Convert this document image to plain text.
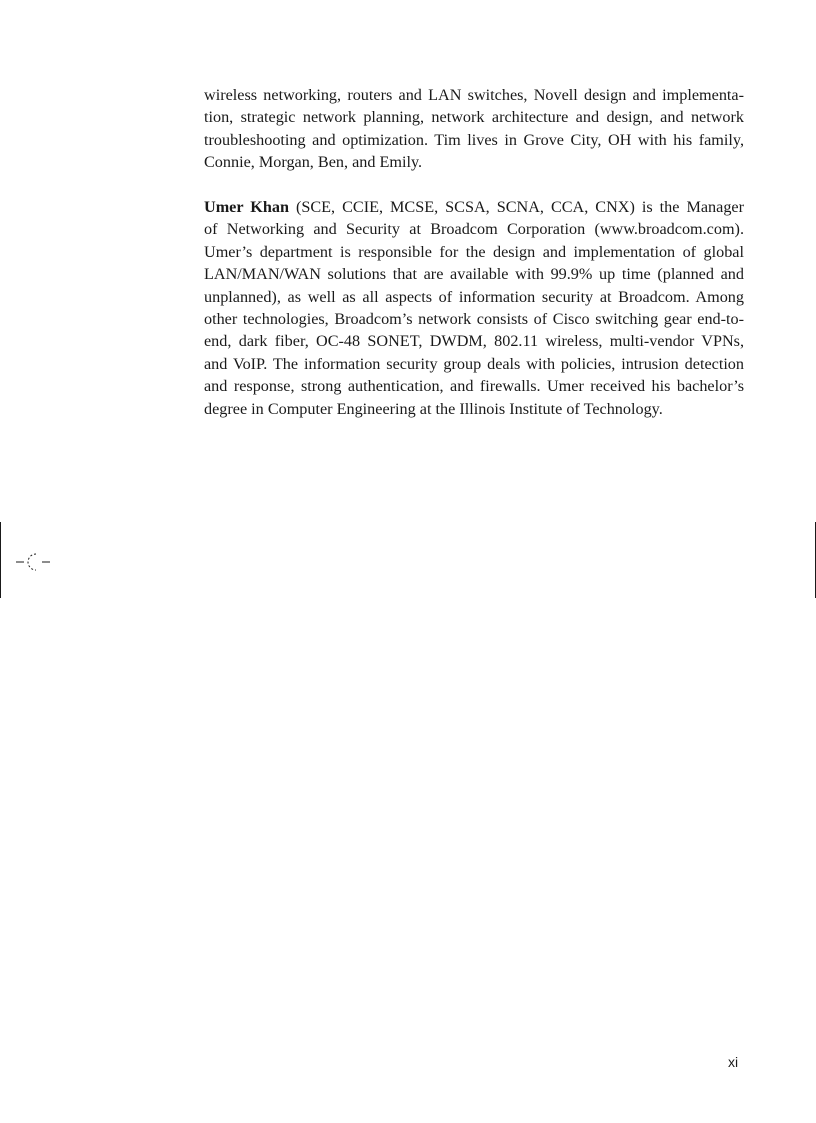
wireless networking, routers and LAN switches, Novell design and implementa-
tion, strategic network planning, network architecture and design, and network
troubleshooting and optimization. Tim lives in Grove City, OH with his family,
Connie, Morgan, Ben, and Emily.
Umer Khan (SCE, CCIE, MCSE, SCSA, SCNA, CCA, CNX) is the Manager
of Networking and Security at Broadcom Corporation (www.broadcom.com).
Umer’s department is responsible for the design and implementation of global
LAN/MAN/WAN solutions that are available with 99.9% up time (planned and
unplanned), as well as all aspects of information security at Broadcom. Among
other technologies, Broadcom’s network consists of Cisco switching gear end-to-
end, dark fiber, OC-48 SONET, DWDM, 802.11 wireless, multi-vendor VPNs,
and VoIP. The information security group deals with policies, intrusion detection
and response, strong authentication, and firewalls. Umer received his bachelor’s
degree in Computer Engineering at the Illinois Institute of Technology.
xi
